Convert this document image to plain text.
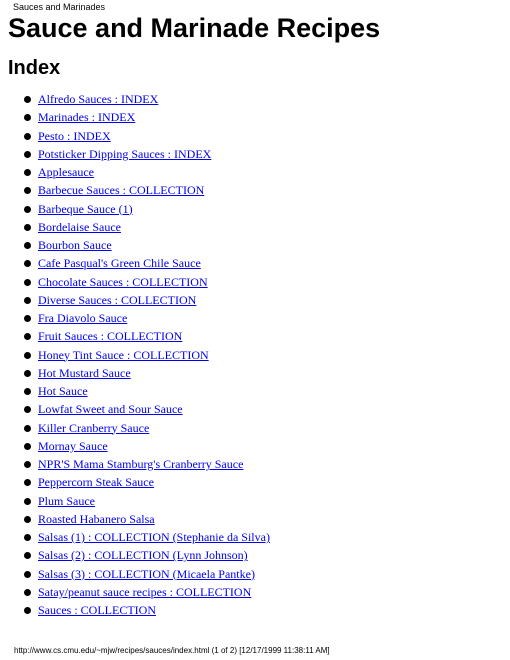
Sauces and Marinades
Sauce and Marinade Recipes
Index
Alfredo Sauces : INDEX
Marinades : INDEX
Pesto : INDEX
Potsticker Dipping Sauces : INDEX
Applesauce
Barbecue Sauces : COLLECTION
Barbeque Sauce (1)
Bordelaise Sauce
Bourbon Sauce
Cafe Pasqual's Green Chile Sauce
Chocolate Sauces : COLLECTION
Diverse Sauces : COLLECTION
Fra Diavolo Sauce
Fruit Sauces : COLLECTION
Honey Tint Sauce : COLLECTION
Hot Mustard Sauce
Hot Sauce
Lowfat Sweet and Sour Sauce
Killer Cranberry Sauce
Mornay Sauce
NPR'S Mama Stamburg's Cranberry Sauce
Peppercorn Steak Sauce
Plum Sauce
Roasted Habanero Salsa
Salsas (1) : COLLECTION (Stephanie da Silva)
Salsas (2) : COLLECTION (Lynn Johnson)
Salsas (3) : COLLECTION (Micaela Pantke)
Satay/peanut sauce recipes : COLLECTION
Sauces : COLLECTION
http://www.cs.cmu.edu/~mjw/recipes/sauces/index.html (1 of 2) [12/17/1999 11:38:11 AM]
